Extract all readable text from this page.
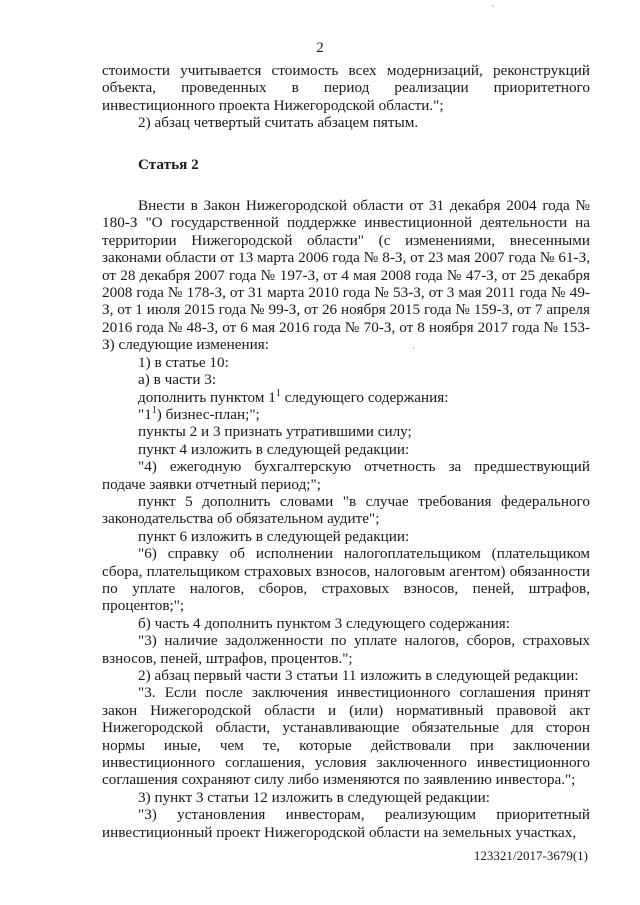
′
·
2

стоимости учитывается стоимость всех модернизаций, реконструкций объекта, проведенных в период реализации приоритетного инвестиционного проекта Нижегородской области.";

2) абзац четвертый считать абзацем пятым.

Статья 2

Внести в Закон Нижегородской области от 31 декабря 2004 года № 180-З "О государственной поддержке инвестиционной деятельности на территории Нижегородской области" (с изменениями, внесенными законами области от 13 марта 2006 года № 8-З, от 23 мая 2007 года № 61-З, от 28 декабря 2007 года № 197-З, от 4 мая 2008 года № 47-З, от 25 декабря 2008 года № 178-З, от 31 марта 2010 года № 53-З, от 3 мая 2011 года № 49-З, от 1 июля 2015 года № 99-З, от 26 ноября 2015 года № 159-З, от 7 апреля 2016 года № 48-З, от 6 мая 2016 года № 70-З, от 8 ноября 2017 года № 153-З) следующие изменения:

1) в статье 10:

а) в части 3:

дополнить пунктом $1^1$ следующего содержания:

"$1^1$) бизнес-план;";

пункты 2 и 3 признать утратившими силу;

пункт 4 изложить в следующей редакции:

"4) ежегодную бухгалтерскую отчетность за предшествующий подаче заявки отчетный период;";

пункт 5 дополнить словами "в случае требования федерального законодательства об обязательном аудите";

пункт 6 изложить в следующей редакции:

"6) справку об исполнении налогоплательщиком (плательщиком сбора, плательщиком страховых взносов, налоговым агентом) обязанности по уплате налогов, сборов, страховых взносов, пеней, штрафов, процентов;";

б) часть 4 дополнить пунктом 3 следующего содержания:

"3) наличие задолженности по уплате налогов, сборов, страховых взносов, пеней, штрафов, процентов.";

2) абзац первый части 3 статьи 11 изложить в следующей редакции:

"3. Если после заключения инвестиционного соглашения принят закон Нижегородской области и (или) нормативный правовой акт Нижегородской области, устанавливающие обязательные для сторон нормы иные, чем те, которые действовали при заключении инвестиционного соглашения, условия заключенного инвестиционного соглашения сохраняют силу либо изменяются по заявлению инвестора.";

3) пункт 3 статьи 12 изложить в следующей редакции:

"3) установления инвесторам, реализующим приоритетный инвестиционный проект Нижегородской области на земельных участках,

123321/2017-3679(1)
